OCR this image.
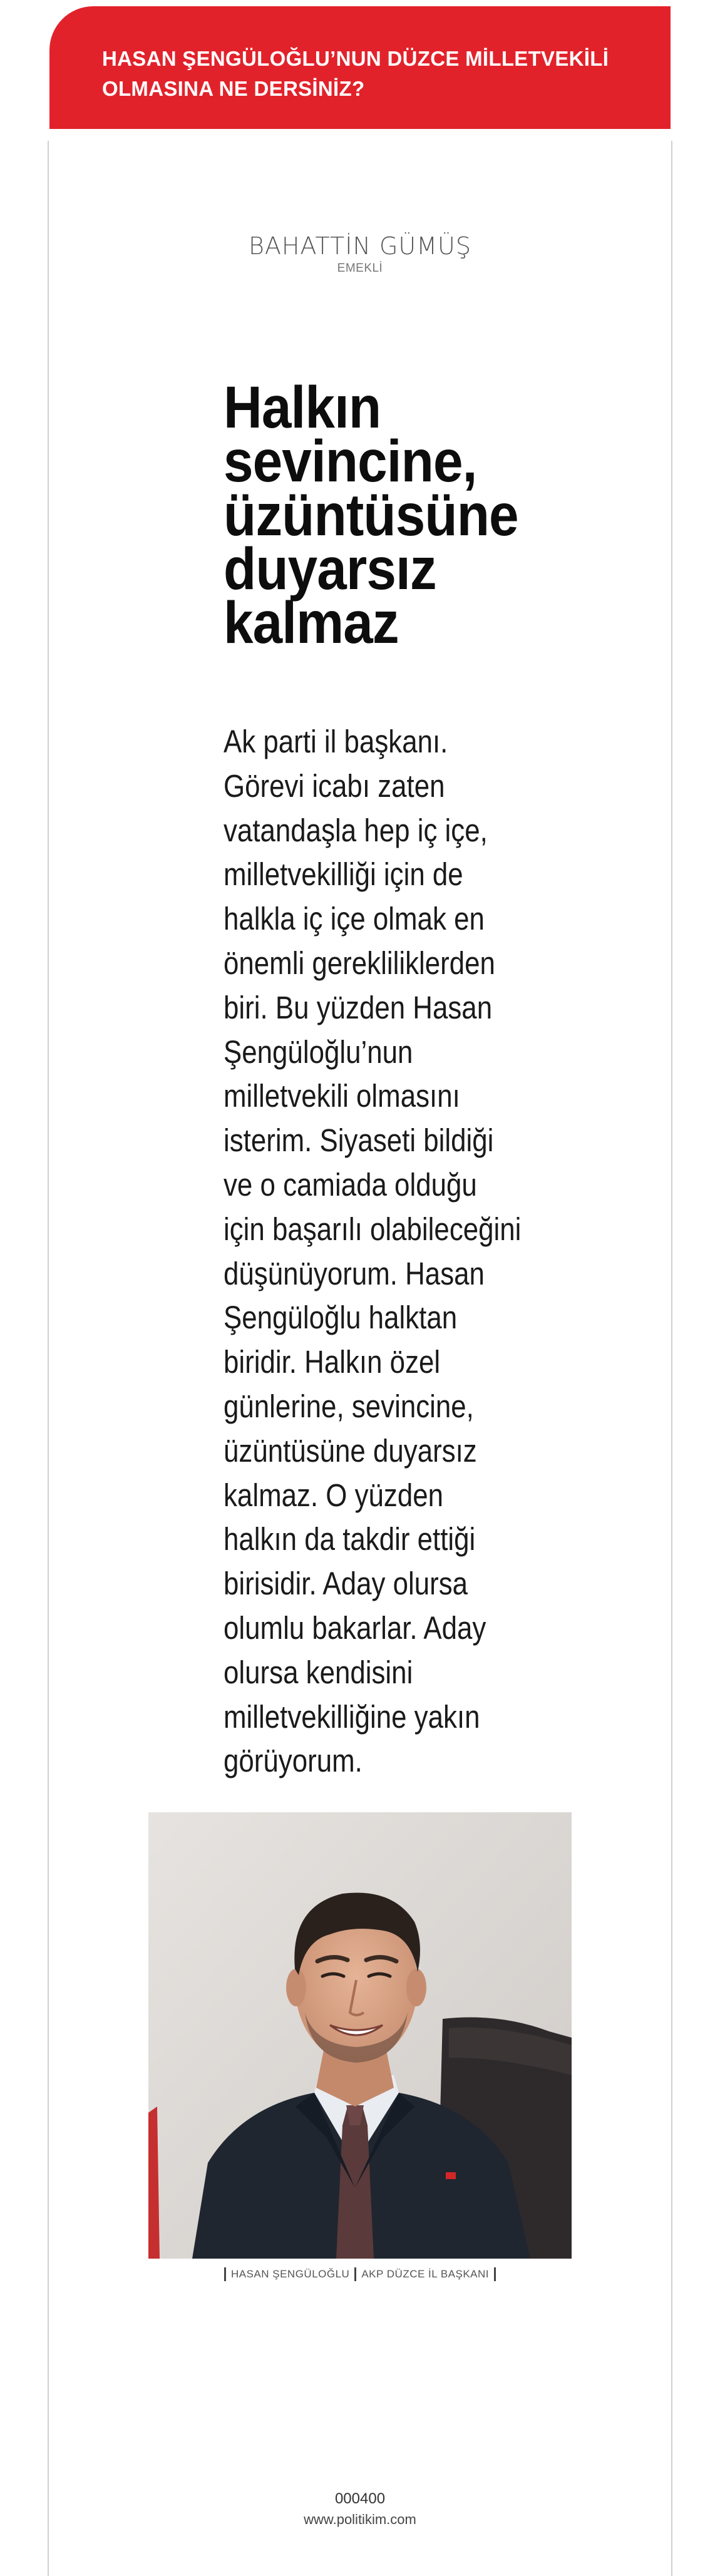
HASAN ŞENGÜLOĞLU’NUN DÜZCE MİLLETVEKİLİ OLMASINA NE DERSİNİZ?
BAHATTİN GÜMÜŞ
EMEKLİ
Halkın
sevincine,
üzüntüsüne
duyarsız
kalmaz
Ak parti il başkanı.
Görevi icabı zaten
vatandaşla hep iç içe,
milletvekilliği için de
halkla iç içe olmak en
önemli gerekliliklerden
biri. Bu yüzden Hasan
Şengüloğlu’nun
milletvekili olmasını
isterim. Siyaseti bildiği
ve o camiada olduğu
için başarılı olabileceğini
düşünüyorum. Hasan
Şengüloğlu halktan
biridir. Halkın özel
günlerine, sevincine,
üzüntüsüne duyarsız
kalmaz. O yüzden
halkın da takdir ettiği
birisidir. Aday olursa
olumlu bakarlar. Aday
olursa kendisini
milletvekilliğine yakın
görüyorum.
HASAN ŞENGÜLOĞLU AKP DÜZCE İL BAŞKANI
000400
www.politikim.com
